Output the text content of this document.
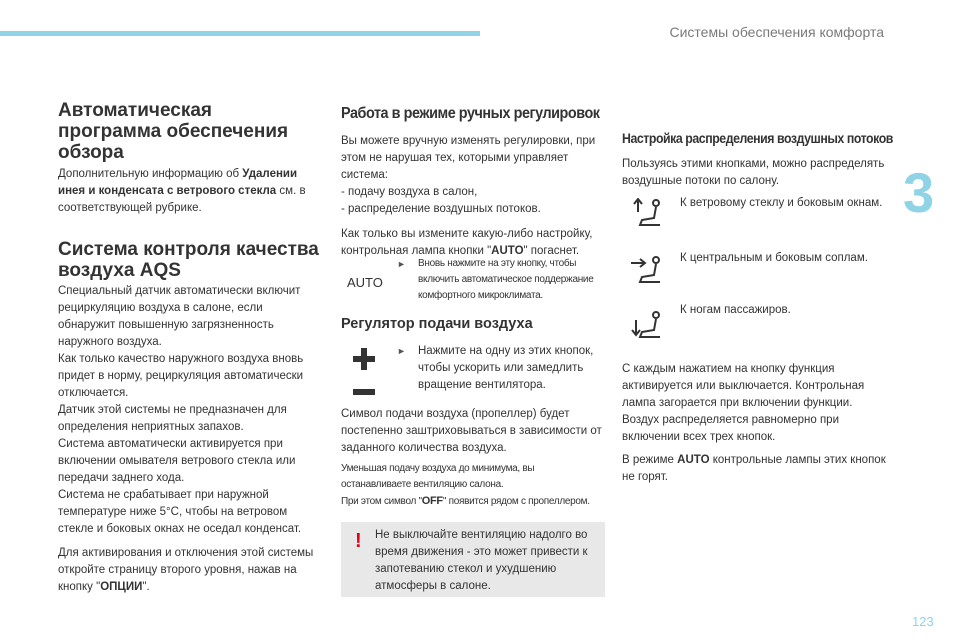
Системы обеспечения комфорта
3
123
Автоматическая программа обеспечения обзора

Дополнительную информацию об Удалении инея и конденсата с ветрового стекла см. в соответствующей рубрике.

Система контроля качества воздуха AQS

Специальный датчик автоматически включит рециркуляцию воздуха в салоне, если обнаружит повышенную загрязненность наружного воздуха.

Как только качество наружного воздуха вновь придет в норму, рециркуляция автоматически отключается.

Датчик этой системы не предназначен для определения неприятных запахов.

Система автоматически активируется при включении омывателя ветрового стекла или передачи заднего хода.

Система не срабатывает при наружной температуре ниже 5°C, чтобы на ветровом стекле и боковых окнах не оседал конденсат.

Для активирования и отключения этой системы откройте страницу второго уровня, нажав на кнопку "ОПЦИИ".

Работа в режиме ручных регулировок

Вы можете вручную изменять регулировки, при этом не нарушая тех, которыми управляет система:

- подачу воздуха в салон,

- распределение воздушных потоков.

Как только вы измените какую-либо настройку, контрольная лампа кнопки "AUTO" погаснет.

AUTO
► Вновь нажмите на эту кнопку, чтобы включить автоматическое поддержание комфортного микроклимата.
Регулятор подачи воздуха
► Нажмите на одну из этих кнопок, чтобы ускорить или замедлить вращение вентилятора.
Символ подачи воздуха (пропеллер) будет постепенно заштриховываться в зависимости от заданного количества воздуха.
Уменьшая подачу воздуха до минимума, вы останавливаете вентиляцию салона.
При этом символ "OFF" появится рядом с пропеллером.
! Не выключайте вентиляцию надолго во время движения - это может привести к запотеванию стекол и ухудшению атмосферы в салоне.
Настройка распределения воздушных потоков
Пользуясь этими кнопками, можно распределять воздушные потоки по салону.
К ветровому стеклу и боковым окнам.
К центральным и боковым соплам.
К ногам пассажиров.
С каждым нажатием на кнопку функция активируется или выключается. Контрольная лампа загорается при включении функции. Воздух распределяется равномерно при включении всех трех кнопок.
В режиме AUTO контрольные лампы этих кнопок не горят.
